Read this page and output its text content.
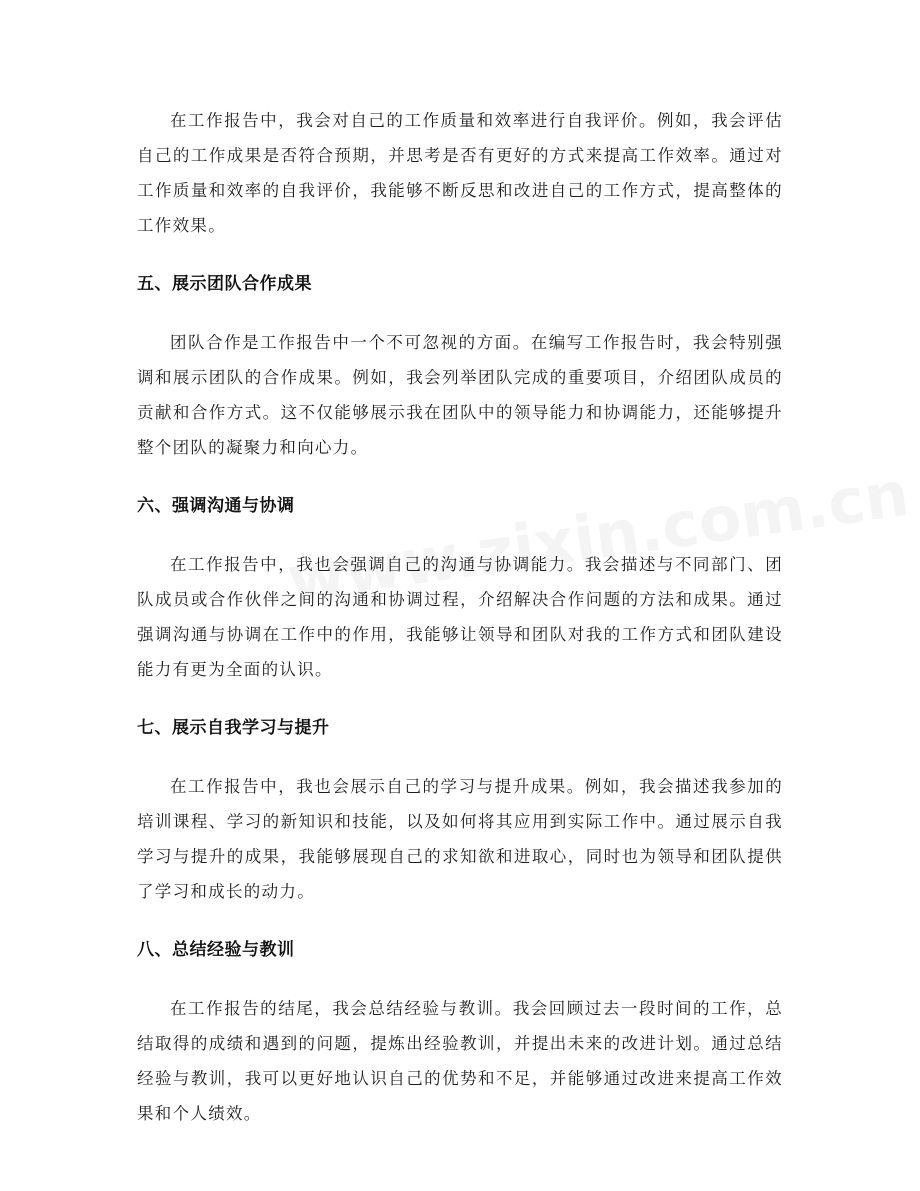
在工作报告中，我会对自己的工作质量和效率进行自我评价。例如，我会评估自己的工作成果是否符合预期，并思考是否有更好的方式来提高工作效率。通过对工作质量和效率的自我评价，我能够不断反思和改进自己的工作方式，提高整体的工作效果。

五、展示团队合作成果

团队合作是工作报告中一个不可忽视的方面。在编写工作报告时，我会特别强调和展示团队的合作成果。例如，我会列举团队完成的重要项目，介绍团队成员的贡献和合作方式。这不仅能够展示我在团队中的领导能力和协调能力，还能够提升整个团队的凝聚力和向心力。

六、强调沟通与协调

在工作报告中，我也会强调自己的沟通与协调能力。我会描述与不同部门、团队成员或合作伙伴之间的沟通和协调过程，介绍解决合作问题的方法和成果。通过强调沟通与协调在工作中的作用，我能够让领导和团队对我的工作方式和团队建设能力有更为全面的认识。

七、展示自我学习与提升

在工作报告中，我也会展示自己的学习与提升成果。例如，我会描述我参加的培训课程、学习的新知识和技能，以及如何将其应用到实际工作中。通过展示自我学习与提升的成果，我能够展现自己的求知欲和进取心，同时也为领导和团队提供了学习和成长的动力。

八、总结经验与教训

在工作报告的结尾，我会总结经验与教训。我会回顾过去一段时间的工作，总结取得的成绩和遇到的问题，提炼出经验教训，并提出未来的改进计划。通过总结经验与教训，我可以更好地认识自己的优势和不足，并能够通过改进来提高工作效果和个人绩效。
